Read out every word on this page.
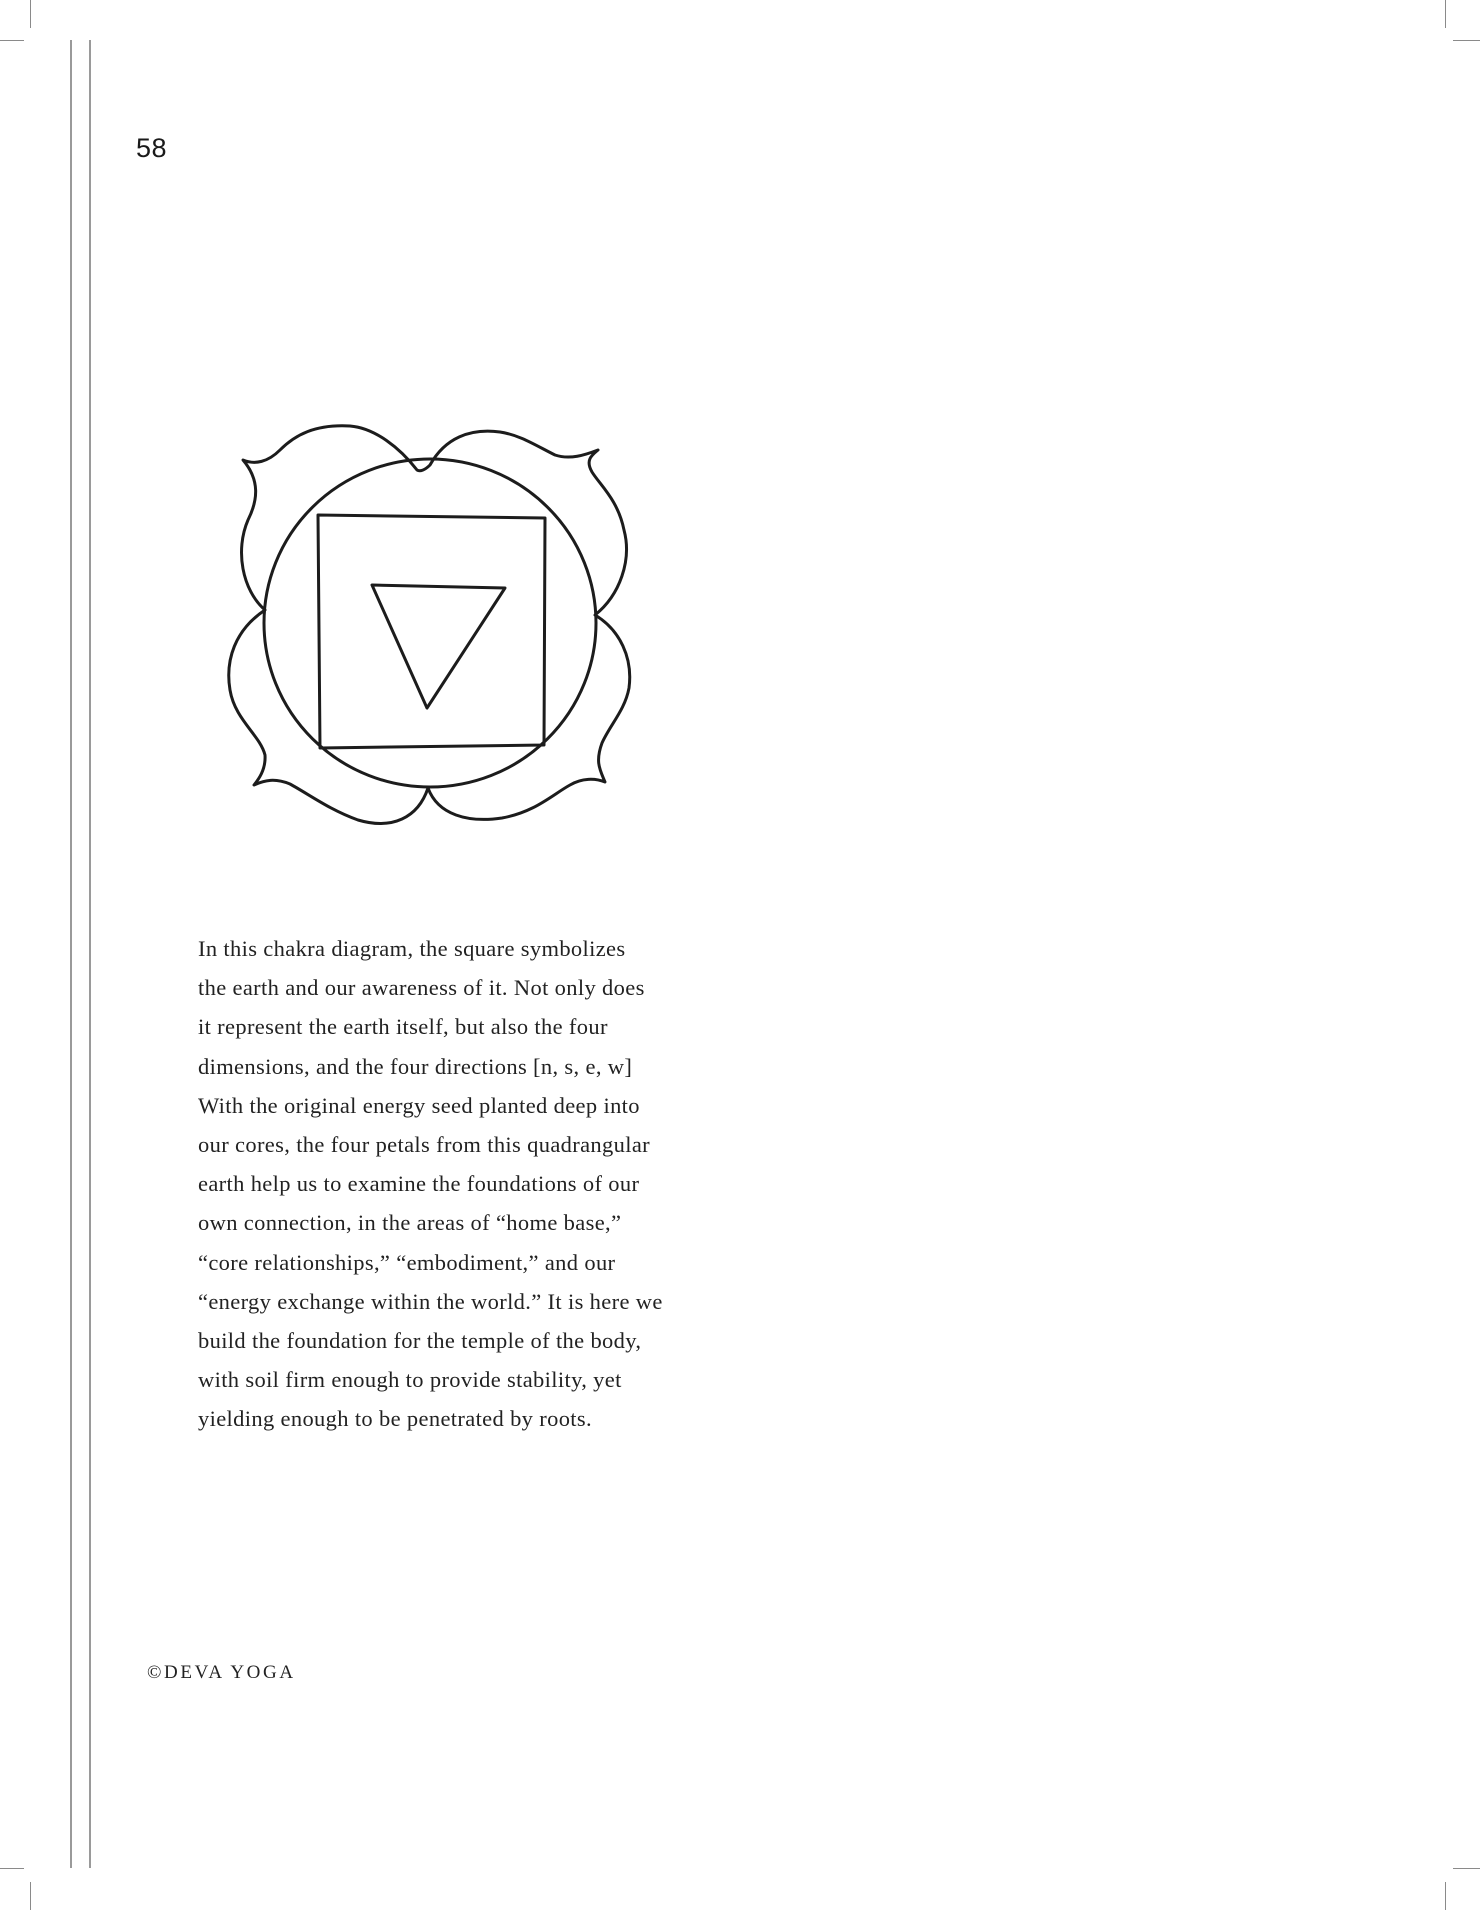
58

In this chakra diagram, the square symbolizes

the earth and our awareness of it. Not only does

it represent the earth itself, but also the four

dimensions, and the four directions [n, s, e, w]

With the original energy seed planted deep into

our cores, the four petals from this quadrangular

earth help us to examine the foundations of our

own connection, in the areas of “home base,”

“core relationships,” “embodiment,” and our

“energy exchange within the world.” It is here we

build the foundation for the temple of the body,

with soil firm enough to provide stability, yet

yielding enough to be penetrated by roots.

©DEVA YOGA
